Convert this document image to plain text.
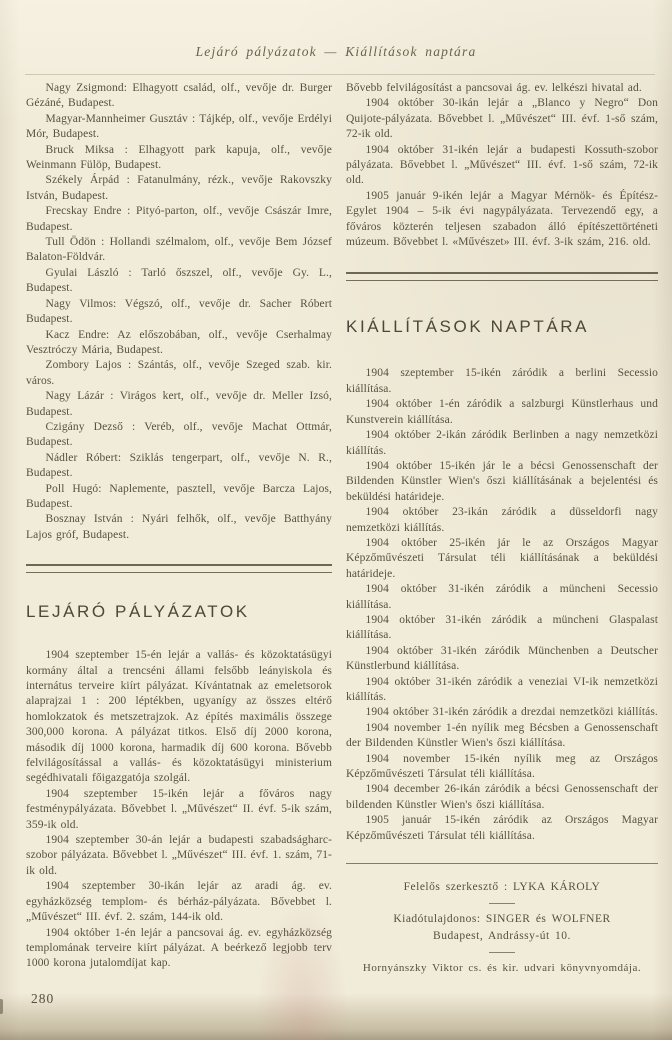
Lejáró pályázatok — Kiállítások naptára

Nagy Zsigmond: Elhagyott család, olf., vevője dr. Burger Gézáné, Budapest.

Magyar-Mannheimer Gusztáv : Tájkép, olf., vevője Erdélyi Mór, Budapest.

Bruck Miksa : Elhagyott park kapuja, olf., vevője Weinmann Fülöp, Budapest.

Székely Árpád : Fatanulmány, rézk., vevője Rakovszky István, Budapest.

Frecskay Endre : Pityó-parton, olf., vevője Császár Imre, Budapest.

Tull Ödön : Hollandi szélmalom, olf., vevője Bem József Balaton-Földvár.

Gyulai László : Tarló őszszel, olf., vevője Gy. L., Budapest.

Nagy Vilmos: Végszó, olf., vevője dr. Sacher Róbert Budapest.

Kacz Endre: Az előszobában, olf., vevője Cserhalmay Vesztróczy Mária, Budapest.

Zombory Lajos : Szántás, olf., vevője Szeged szab. kir. város.

Nagy Lázár : Virágos kert, olf., vevője dr. Meller Izsó, Budapest.

Czigány Dezső : Veréb, olf., vevője Machat Ottmár, Budapest.

Nádler Róbert: Sziklás tengerpart, olf., vevője N. R., Budapest.

Poll Hugó: Naplemente, pasztell, vevője Barcza Lajos, Budapest.

Bosznay István : Nyári felhők, olf., vevője Batthyány Lajos gróf, Budapest.

LEJÁRÓ PÁLYÁZATOK

1904 szeptember 15-én lejár a vallás- és közoktatásügyi kormány által a trencséni állami felsőbb leányiskola és internátus terveire kiírt pályázat. Kívántatnak az emeletsorok alaprajzai 1 : 200 léptékben, ugyanígy az összes eltérő homlokzatok és metszetrajzok. Az építés maximális összege 300,000 korona. A pályázat titkos. Első díj 2000 korona, második díj 1000 korona, harmadik díj 600 korona. Bővebb felvilágosítással a vallás- és közoktatásügyi ministerium segédhivatali főigazgatója szolgál.

1904 szeptember 15-ikén lejár a főváros nagy festménypályázata. Bővebbet l. „Művészet“ II. évf. 5-ik szám, 359-ik old.

1904 szeptember 30-án lejár a budapesti szabadságharc-szobor pályázata. Bővebbet l. „Művészet“ III. évf. 1. szám, 71-ik old.

1904 szeptember 30-ikán lejár az aradi ág. ev. egyházközség templom- és bérház-pályázata. Bővebbet l. „Művészet“ III. évf. 2. szám, 144-ik old.

1904 október 1-én lejár a pancsovai ág. ev. egyházközség templomának terveire kiírt pályázat. A beérkező legjobb terv 1000 korona jutalomdíjat kap.

Bővebb felvilágosítást a pancsovai ág. ev. lelkészi hivatal ad.

1904 október 30-ikán lejár a „Blanco y Negro“ Don Quijote-pályázata. Bővebbet l. „Művészet“ III. évf. 1-ső szám, 72-ik old.

1904 október 31-ikén lejár a budapesti Kossuth-szobor pályázata. Bővebbet l. „Művészet“ III. évf. 1-ső szám, 72-ik old.

1905 január 9-ikén lejár a Magyar Mérnök- és Építész-Egylet 1904 – 5-ik évi nagypályázata. Tervezendő egy, a főváros közterén teljesen szabadon álló építészettörténeti múzeum. Bővebbet l. «Művészet» III. évf. 3-ik szám, 216. old.

KIÁLLÍTÁSOK NAPTÁRA

1904 szeptember 15-ikén záródik a berlini Secessio kiállítása.

1904 október 1-én záródik a salzburgi Künstlerhaus und Kunstverein kiállítása.

1904 október 2-ikán záródik Berlinben a nagy nemzetközi kiállítás.

1904 október 15-ikén jár le a bécsi Genossenschaft der Bildenden Künstler Wien's őszi kiállításának a bejelentési és beküldési határideje.

1904 október 23-ikán záródik a düsseldorfi nagy nemzetközi kiállítás.

1904 október 25-ikén jár le az Országos Magyar Képzőművészeti Társulat téli kiállításának a beküldési határideje.

1904 október 31-ikén záródik a müncheni Secessio kiállítása.

1904 október 31-ikén záródik a müncheni Glaspalast kiállítása.

1904 október 31-ikén záródik Münchenben a Deutscher Künstlerbund kiállítása.

1904 október 31-ikén záródik a veneziai VI-ik nemzetközi kiállítás.

1904 október 31-ikén záródik a drezdai nemzetközi kiállítás.

1904 november 1-én nyílik meg Bécsben a Genossenschaft der Bildenden Künstler Wien's őszi kiállítása.

1904 november 15-ikén nyílik meg az Országos Képzőművészeti Társulat téli kiállítása.

1904 december 26-ikán záródik a bécsi Genossenschaft der bildenden Künstler Wien's őszi kiállítása.

1905 január 15-ikén záródik az Országos Magyar Képzőművészeti Társulat téli kiállítása.

Felelős szerkesztő : LYKA KÁROLY

Kiadótulajdonos: SINGER és WOLFNER

Budapest, Andrássy-út 10.

Hornyánszky Viktor cs. és kir. udvari könyvnyomdája.

280
